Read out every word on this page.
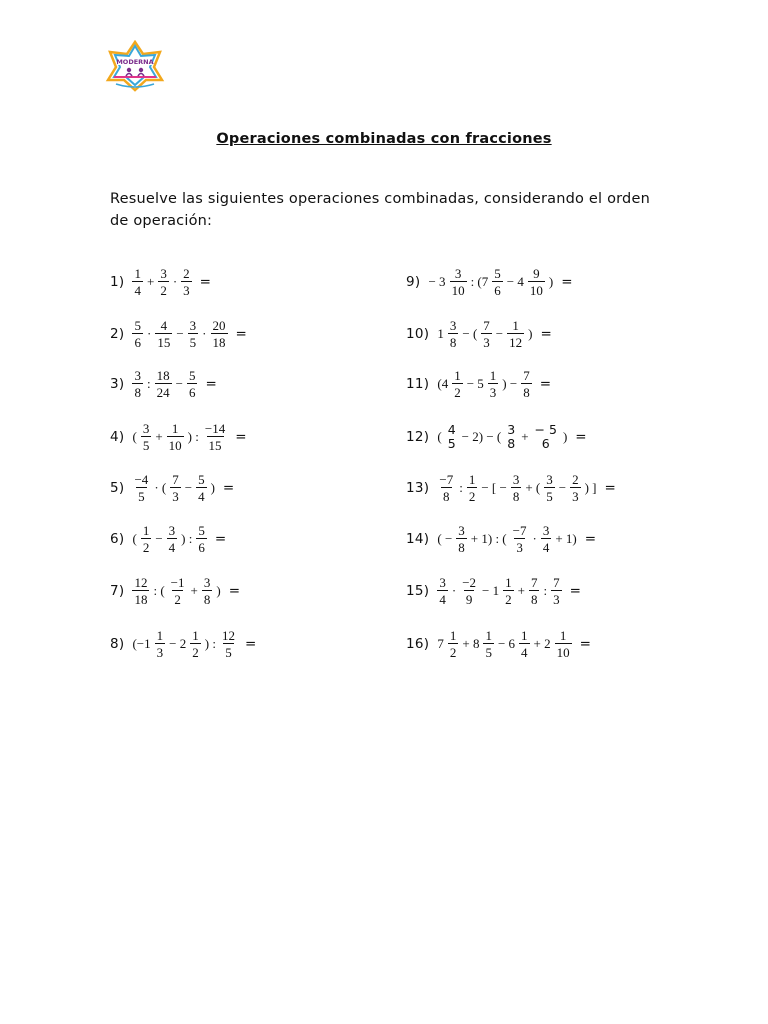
MODERNA
Operaciones combinadas con fracciones
Resuelve las siguientes operaciones combinadas, considerando el orden de operación:
$1) \frac{1}{4} + \frac{3}{2} \cdot \frac{2}{3}$ =
$2) \frac{5}{6} \cdot \frac{4}{15} - \frac{3}{5} \cdot \frac{20}{18}$ =
$3) \frac{3}{8}$ : $\frac{18}{24} - \frac{5}{6}$ =
4) ( $\frac{3}{5} + \frac{1}{10}$ ) : $\frac{-14}{15}$ =
$5) \frac{-4}{5}$ · ( $\frac{7}{3} - \frac{5}{4}$ ) =
6) ( $\frac{1}{2} - \frac{3}{4}$ ) : $\frac{5}{6}$ =
$7) \frac{12}{18}$ : ( $\frac{-1}{2} + \frac{3}{8}$ ) =
8) ($-1 \frac{1}{3} - 2 \frac{1}{2}$ ) : $\frac{12}{5}$ =
$9) - 3 \frac{3}{10}$ : ($7 \frac{5}{6} - 4 \frac{9}{10}$ ) =
10) $1 \frac{3}{8}$ − ( $\frac{7}{3} - \frac{1}{12}$ ) =
11) ($4 \frac{1}{2} - 5 \frac{1}{3}$ ) − $\frac{7}{8}$ =
12) ( 4
5 − 2) − ( 3
8 + − 5
6 ) =
$13) \frac{-7}{8}$ : $\frac{1}{2}$ − [ − $\frac{3}{8}$ + ( $\frac{3}{5} - \frac{2}{3}$ ) ] =
14) ( − $\frac{3}{8} + 1$) : ( $\frac{-7}{3} \cdot \frac{3}{4} + 1$) =
$15) \frac{3}{4} \cdot \frac{-2}{9} - 1 \frac{1}{2} + \frac{7}{8}$ : $\frac{7}{3}$ =
16) $7 \frac{1}{2} + 8 \frac{1}{5} - 6 \frac{1}{4} + 2 \frac{1}{10}$ =
